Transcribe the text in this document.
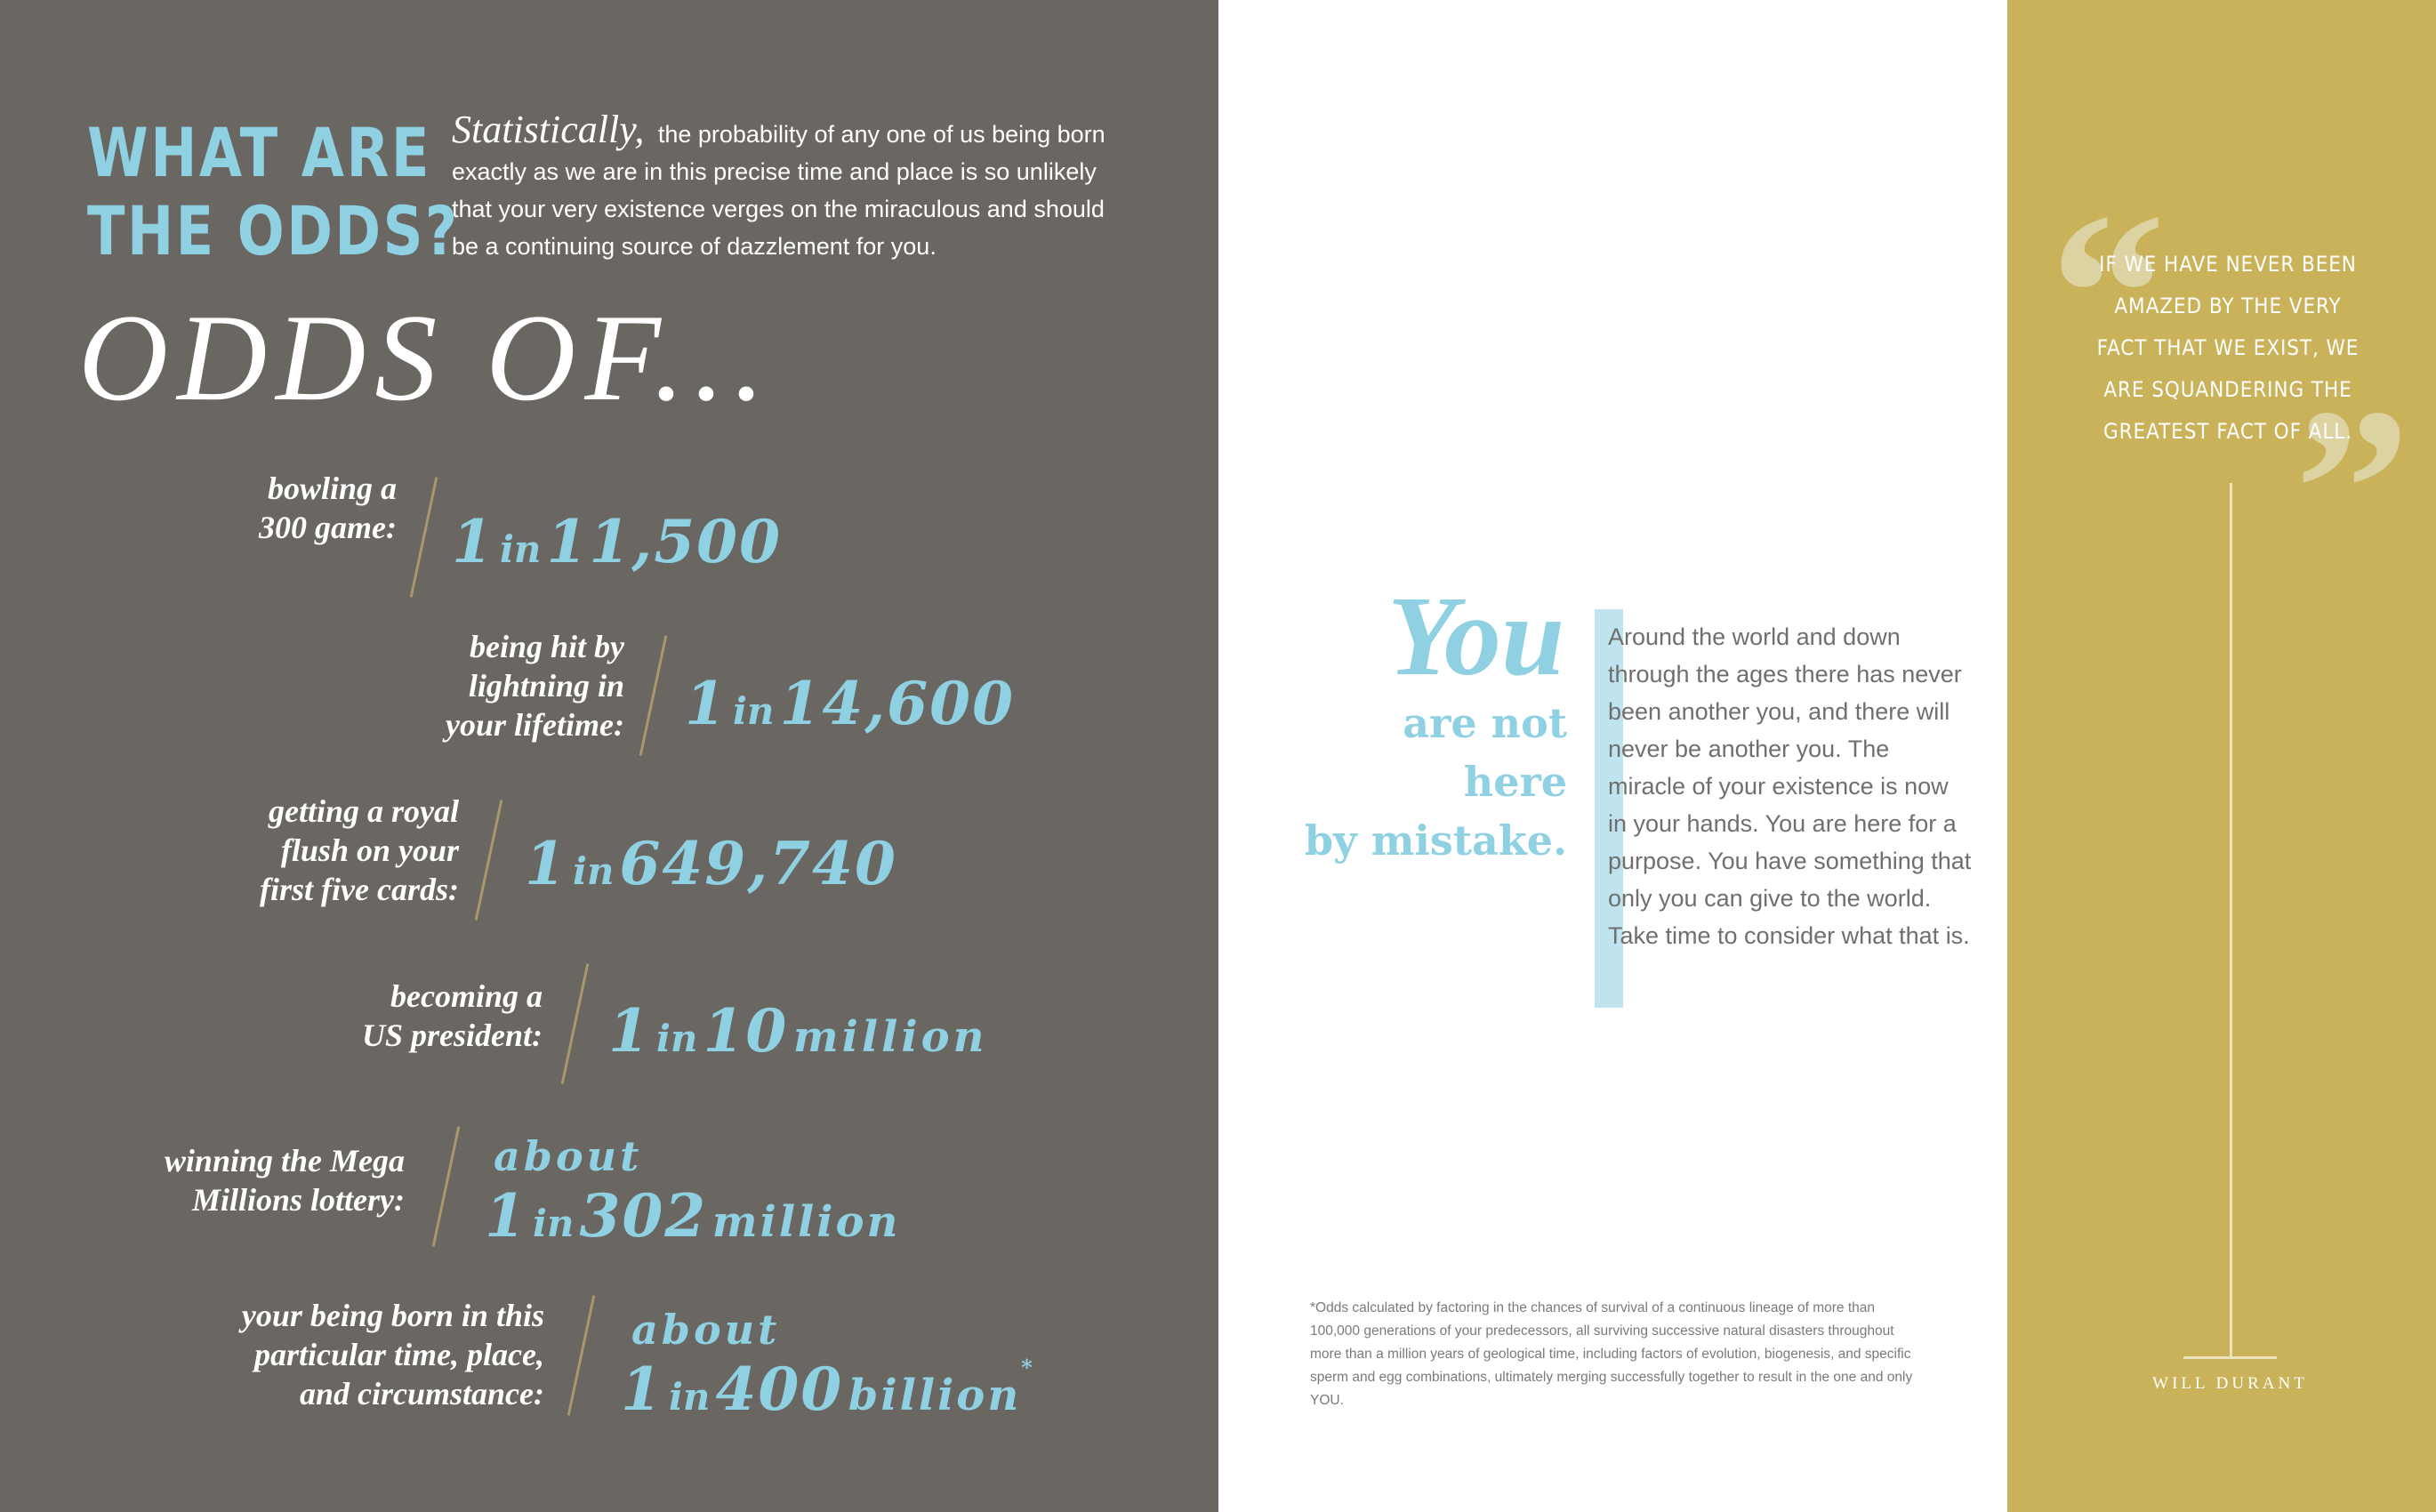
WHAT ARE
THE ODDS?
Statistically, the probability of any one of us being born exactly as we are in this precise time and place is so unlikely that your very existence verges on the miraculous and should be a continuing source of dazzlement for you.
ODDS OF...
bowling a
300 game: 1 in11,500
being hit by
lightning in
your lifetime: 1 in14,600
getting a royal
flush on your
first five cards: 1 in649,740
becoming a
US president: 1 in10 million
winning the Mega
Millions lottery:
about
1 in302 million
your being born in this
particular time, place,
and circumstance:
about
1 in400 billion*
You
are not here
by mistake.
Around the world and down through the ages there has never been another you, and there will never be another you. The miracle of your existence is now in your hands. You are here for a purpose. You have something that only you can give to the world. Take time to consider what that is.
*Odds calculated by factoring in the chances of survival of a continuous lineage of more than 100,000 generations of your predecessors, all surviving successive natural disasters throughout more than a million years of geological time, including factors of evolution, biogenesis, and specific sperm and egg combinations, ultimately merging successfully together to result in the one and only YOU.
“
”
IF WE HAVE NEVER BEEN AMAZED BY THE VERY FACT THAT WE EXIST, WE ARE SQUANDERING THE GREATEST FACT OF ALL.
WILL DURANT
